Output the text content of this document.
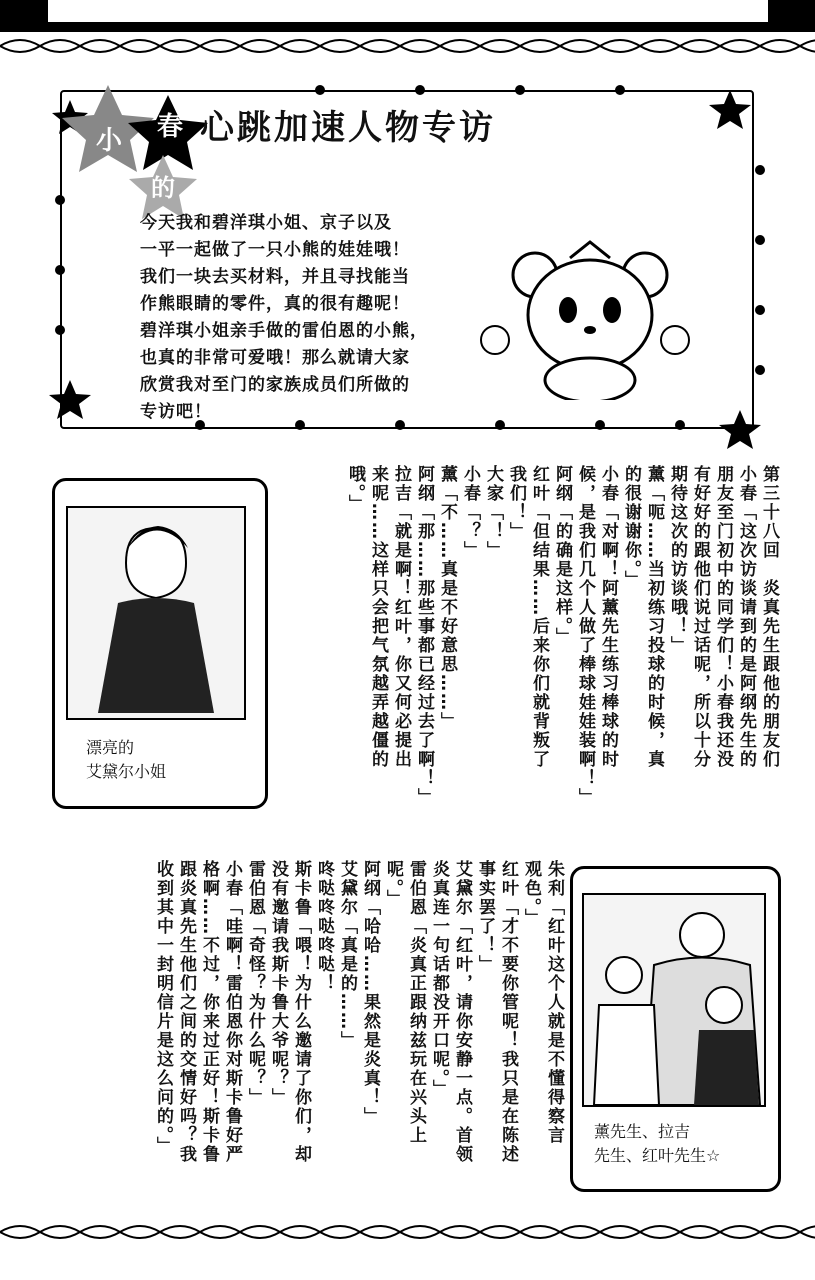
小 春
的
心跳加速人物专访

今天我和碧洋琪小姐、京子以及

一平一起做了一只小熊的娃娃哦！

我们一块去买材料，并且寻找能当

作熊眼睛的零件，真的很有趣呢！

碧洋琪小姐亲手做的雷伯恩的小熊，

也真的非常可爱哦！那么就请大家

欣赏我对至门的家族成员们所做的

专访吧！

第三十八回　炎真先生跟他的朋友们

小春「这次访谈请到的是阿纲先生的

朋友至门初中的同学们！小春我还没

有好好的跟他们说过话呢，所以十分

期待这次的访谈哦！」

薰「呃……当初练习投球的时候，真

的很谢谢你。」

小春「对啊！阿薰先生练习棒球的时

候，是我们几个人做了棒球娃娃装啊！」

阿纲「的确是这样。」

红叶「但结果……后来你们就背叛了

我们！」

大家「！」

小春「？」

薰「不……真是不好意思……」

阿纲「那……那些事都已经过去了啊！」

拉吉「就是啊！红叶，你又何必提出

来呢……这样只会把气氛越弄越僵的

哦。」

漂亮的
艾黛尔小姐

朱利「红叶这个人就是不懂得察言

观色。」

红叶「才不要你管呢！我只是在陈述

事实罢了！」

艾黛尔「红叶，请你安静一点。首领

炎真连一句话都没开口呢。」

雷伯恩「炎真正跟纳兹玩在兴头上

呢。」

阿纲「哈哈……果然是炎真！」

艾黛尔「真是的……」

咚哒咚哒咚哒！

斯卡鲁「喂！为什么邀请了你们，却

没有邀请我斯卡鲁大爷呢？」

雷伯恩「奇怪？为什么呢？」

小春「哇啊！雷伯恩你对斯卡鲁好严

格啊……不过，你来过正好！斯卡鲁

跟炎真先生他们之间的交情好吗？我

收到其中一封明信片是这么问的。」	薰先生、拉吉
先生、红叶先生☆
